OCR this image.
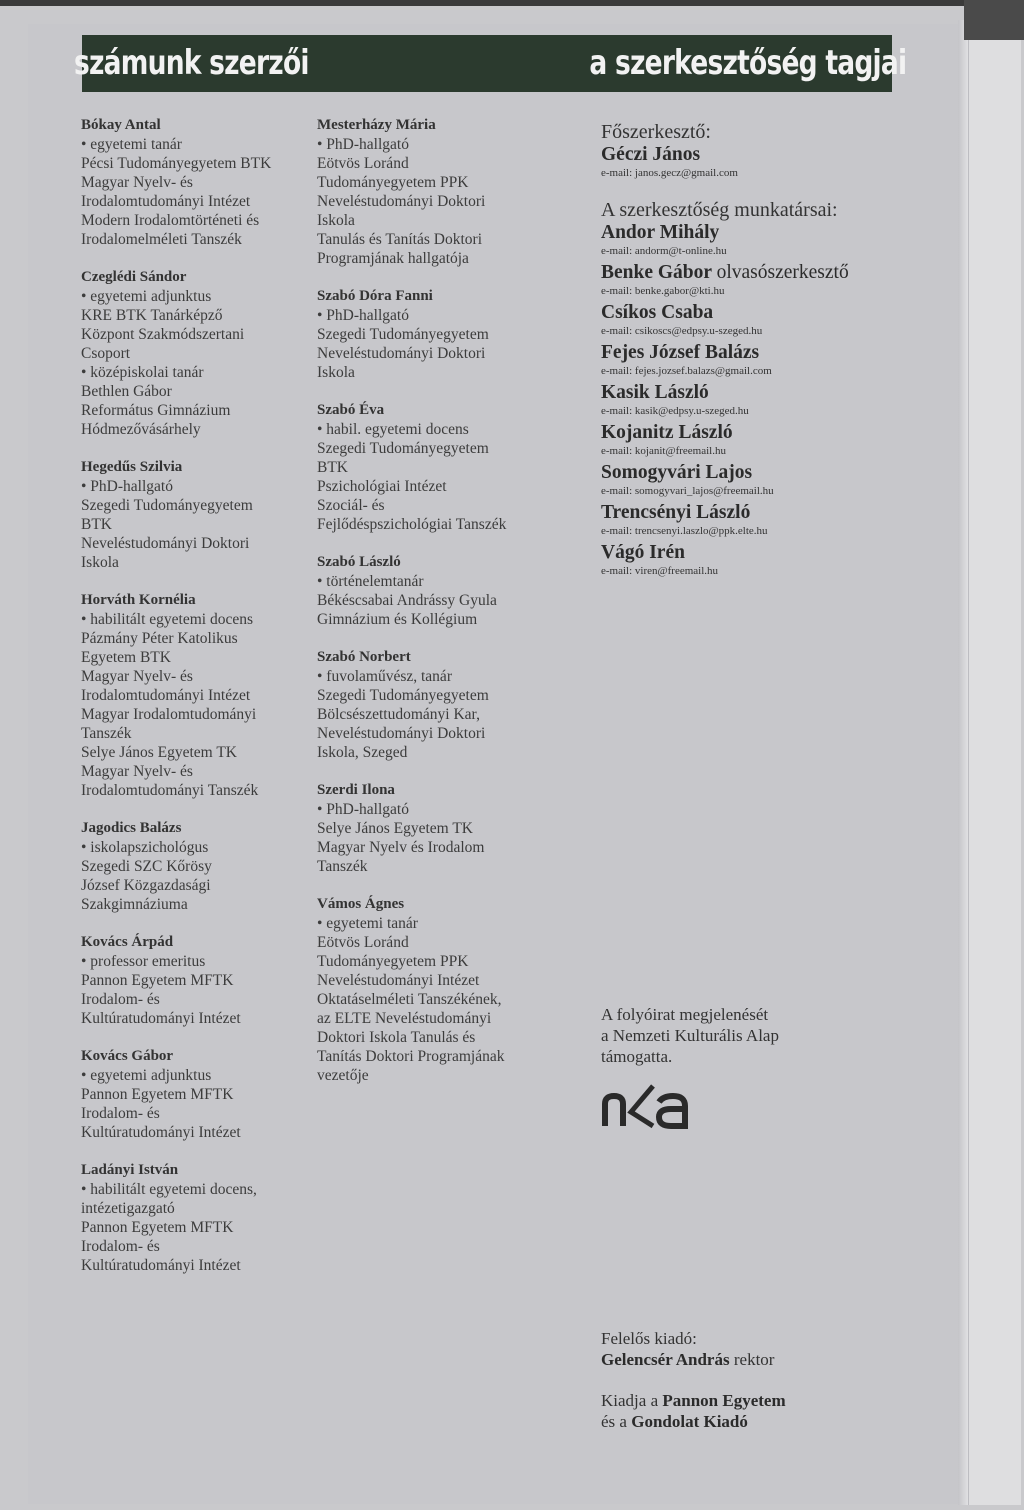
számunk szerzői	a szerkesztőség tagjai
Bókay Antal
• egyetemi tanár
Pécsi Tudományegyetem BTK
Magyar Nyelv- és
Irodalomtudományi Intézet
Modern Irodalomtörténeti és
Irodalomelméleti Tanszék
Czeglédi Sándor
• egyetemi adjunktus
KRE BTK Tanárképző
Központ Szakmódszertani
Csoport
• középiskolai tanár
Bethlen Gábor
Református Gimnázium
Hódmezővásárhely
Hegedűs Szilvia
• PhD-hallgató
Szegedi Tudományegyetem
BTK
Neveléstudományi Doktori
Iskola
Horváth Kornélia
• habilitált egyetemi docens
Pázmány Péter Katolikus
Egyetem BTK
Magyar Nyelv- és
Irodalomtudományi Intézet
Magyar Irodalomtudományi
Tanszék
Selye János Egyetem TK
Magyar Nyelv- és
Irodalomtudományi Tanszék
Jagodics Balázs
• iskolapszichológus
Szegedi SZC Kőrösy
József Közgazdasági
Szakgimnáziuma
Kovács Árpád
• professor emeritus
Pannon Egyetem MFTK
Irodalom- és
Kultúratudományi Intézet
Kovács Gábor
• egyetemi adjunktus
Pannon Egyetem MFTK
Irodalom- és
Kultúratudományi Intézet
Ladányi István
• habilitált egyetemi docens,
intézetigazgató
Pannon Egyetem MFTK
Irodalom- és
Kultúratudományi Intézet
Mesterházy Mária
• PhD-hallgató
Eötvös Loránd
Tudományegyetem PPK
Neveléstudományi Doktori
Iskola
Tanulás és Tanítás Doktori
Programjának hallgatója
Szabó Dóra Fanni
• PhD-hallgató
Szegedi Tudományegyetem
Neveléstudományi Doktori
Iskola
Szabó Éva
• habil. egyetemi docens
Szegedi Tudományegyetem
BTK
Pszichológiai Intézet
Szociál- és
Fejlődéspszichológiai Tanszék
Szabó László
• történelemtanár
Békéscsabai Andrássy Gyula
Gimnázium és Kollégium
Szabó Norbert
• fuvolaművész, tanár
Szegedi Tudományegyetem
Bölcsészettudományi Kar,
Neveléstudományi Doktori
Iskola, Szeged
Szerdi Ilona
• PhD-hallgató
Selye János Egyetem TK
Magyar Nyelv és Irodalom
Tanszék
Vámos Ágnes
• egyetemi tanár
Eötvös Loránd
Tudományegyetem PPK
Neveléstudományi Intézet
Oktatáselméleti Tanszékének,
az ELTE Neveléstudományi
Doktori Iskola Tanulás és
Tanítás Doktori Programjának
vezetője
Főszerkesztő:
Géczi János
e-mail: janos.gecz@gmail.com
A szerkesztőség munkatársai:
Andor Mihály
e-mail: andorm@t-online.hu
Benke Gábor olvasószerkesztő
e-mail: benke.gabor@kti.hu
Csíkos Csaba
e-mail: csikoscs@edpsy.u-szeged.hu
Fejes József Balázs
e-mail: fejes.jozsef.balazs@gmail.com
Kasik László
e-mail: kasik@edpsy.u-szeged.hu
Kojanitz László
e-mail: kojanit@freemail.hu
Somogyvári Lajos
e-mail: somogyvari_lajos@freemail.hu
Trencsényi László
e-mail: trencsenyi.laszlo@ppk.elte.hu
Vágó Irén
e-mail: viren@freemail.hu
A folyóirat megjelenését
a Nemzeti Kulturális Alap
támogatta.
Felelős kiadó:
Gelencsér András rektor
Kiadja a Pannon Egyetem
és a Gondolat Kiadó
